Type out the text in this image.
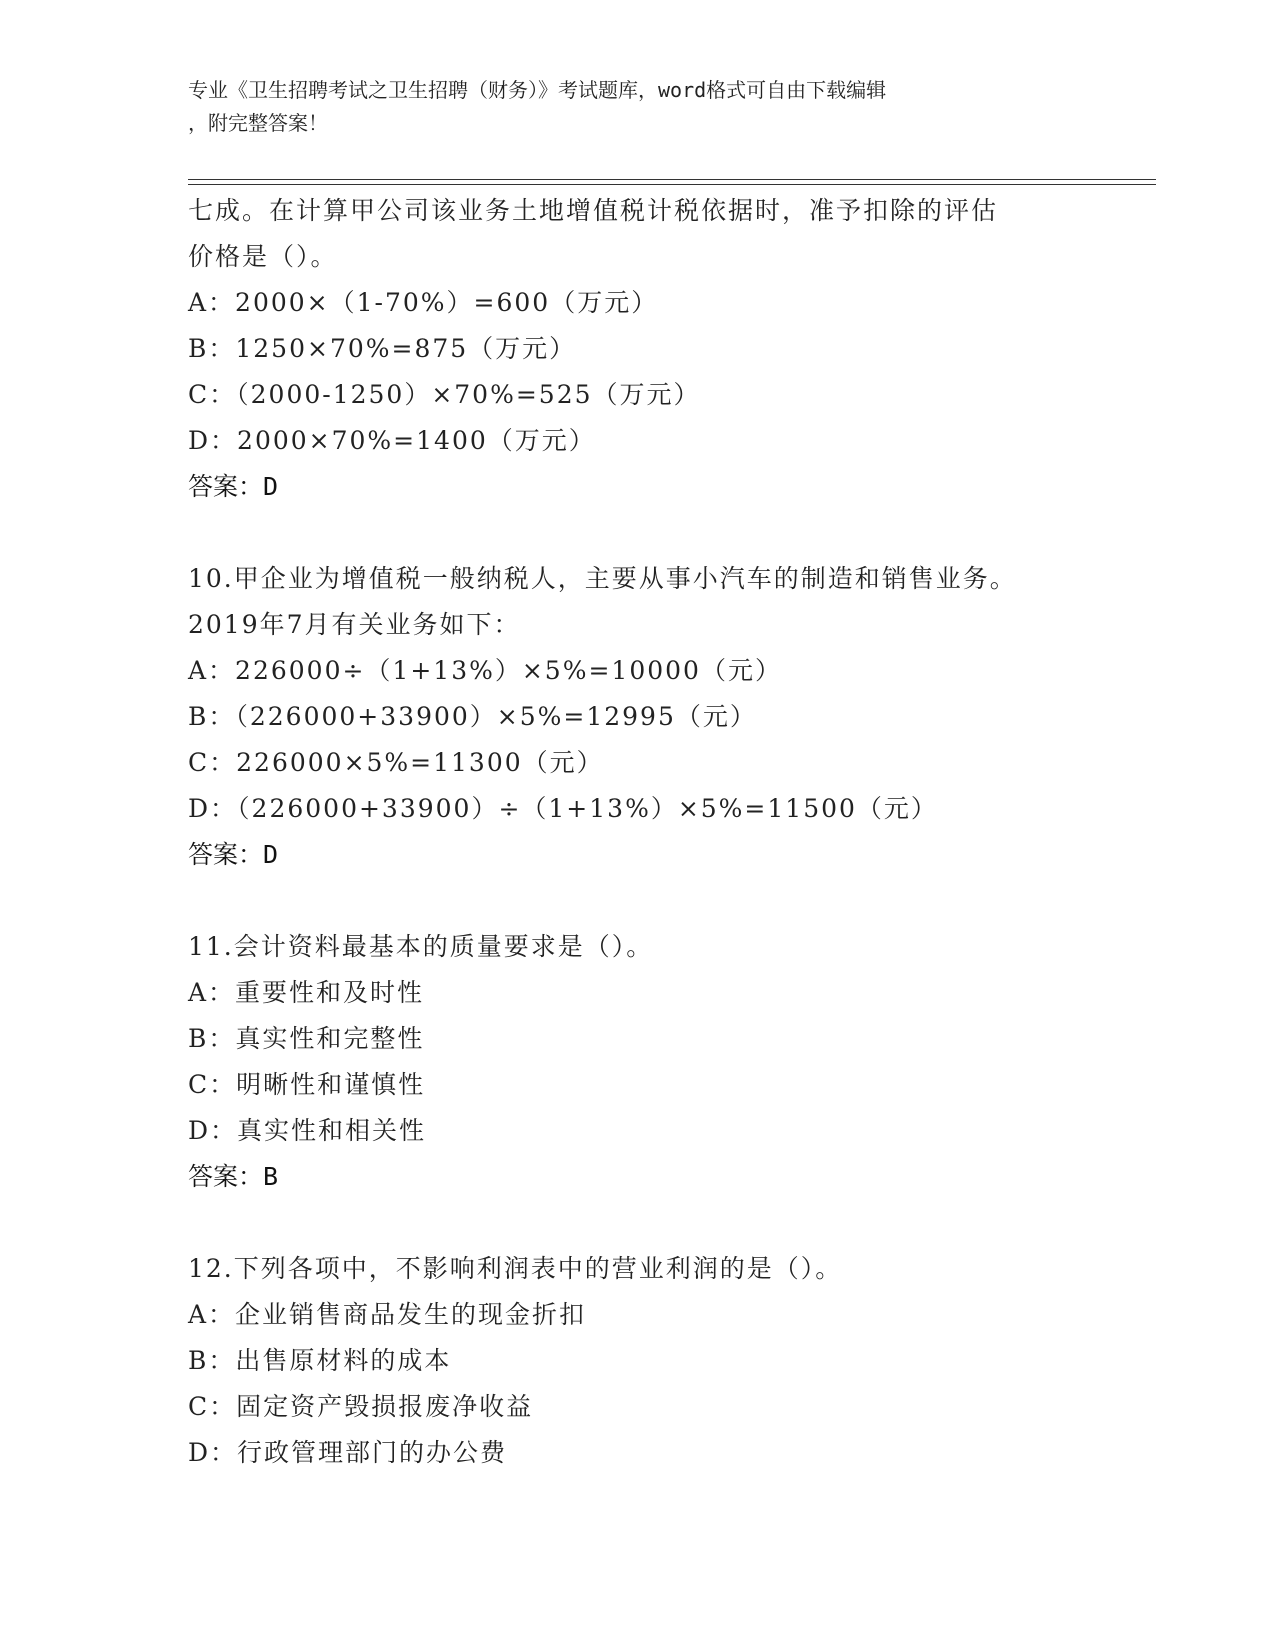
专业《卫生招聘考试之卫生招聘（财务）》考试题库，word格式可自由下载编辑
，附完整答案！
七成。在计算甲公司该业务土地增值税计税依据时，准予扣除的评估
价格是（）。
A：2000×（1-70%）=600（万元）
B：1250×70%=875（万元）
C：（2000-1250）×70%=525（万元）
D：2000×70%=1400（万元）
答案：D
10.甲企业为增值税一般纳税人，主要从事小汽车的制造和销售业务。
2019年7月有关业务如下：
A：226000÷（1+13%）×5%=10000（元）
B：（226000+33900）×5%=12995（元）
C：226000×5%=11300（元）
D：（226000+33900）÷（1+13%）×5%=11500（元）
答案：D
11.会计资料最基本的质量要求是（）。
A：重要性和及时性
B：真实性和完整性
C：明晰性和谨慎性
D：真实性和相关性
答案：B
12.下列各项中，不影响利润表中的营业利润的是（）。
A：企业销售商品发生的现金折扣
B：出售原材料的成本
C：固定资产毁损报废净收益
D：行政管理部门的办公费
